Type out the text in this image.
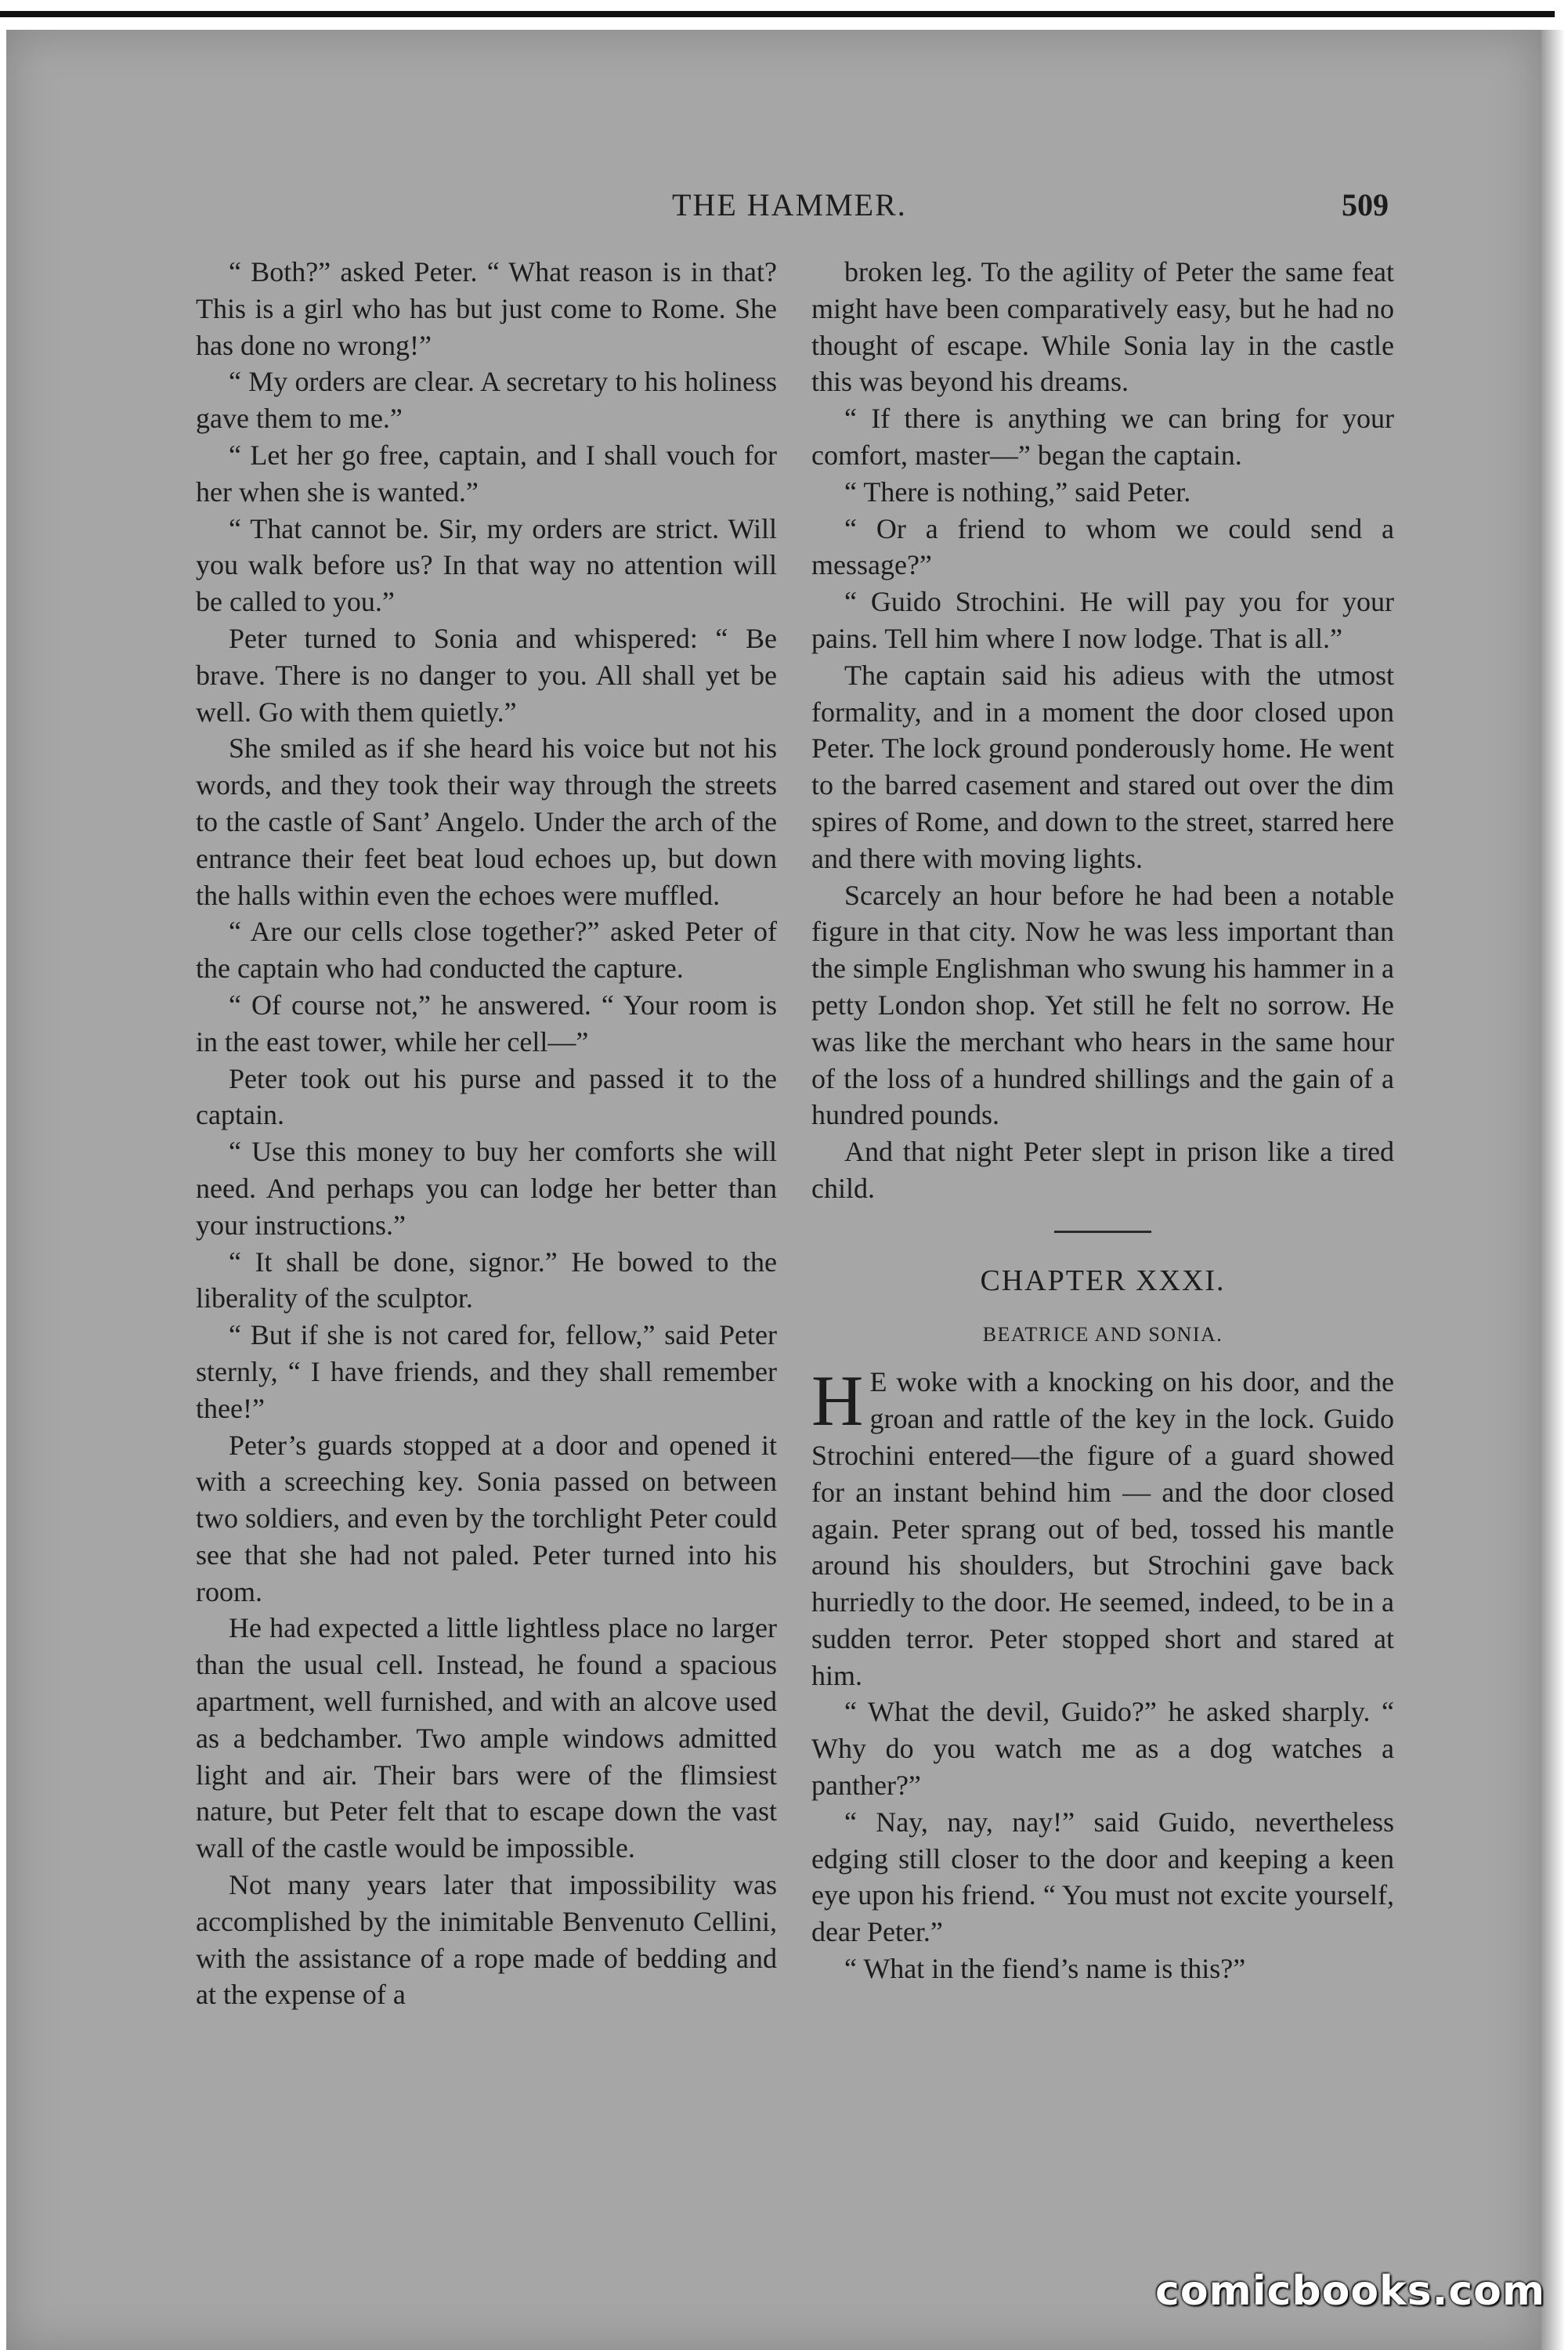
THE HAMMER.	509

“ Both?” asked Peter. “ What reason is in that? This is a girl who has but just come to Rome. She has done no wrong!”

“ My orders are clear. A secretary to his holiness gave them to me.”

“ Let her go free, captain, and I shall vouch for her when she is wanted.”

“ That cannot be. Sir, my orders are strict. Will you walk before us? In that way no attention will be called to you.”

Peter turned to Sonia and whispered: “ Be brave. There is no danger to you. All shall yet be well. Go with them quietly.”

She smiled as if she heard his voice but not his words, and they took their way through the streets to the castle of Sant’ Angelo. Under the arch of the entrance their feet beat loud echoes up, but down the halls within even the echoes were muffled.

“ Are our cells close together?” asked Peter of the captain who had conducted the capture.

“ Of course not,” he answered. “ Your room is in the east tower, while her cell—”

Peter took out his purse and passed it to the captain.

“ Use this money to buy her comforts she will need. And perhaps you can lodge her better than your instructions.”

“ It shall be done, signor.” He bowed to the liberality of the sculptor.

“ But if she is not cared for, fellow,” said Peter sternly, “ I have friends, and they shall remember thee!”

Peter’s guards stopped at a door and opened it with a screeching key. Sonia passed on between two soldiers, and even by the torchlight Peter could see that she had not paled. Peter turned into his room.

He had expected a little lightless place no larger than the usual cell. Instead, he found a spacious apartment, well furnished, and with an alcove used as a bedchamber. Two ample windows admitted light and air. Their bars were of the flimsiest nature, but Peter felt that to escape down the vast wall of the castle would be impossible.

Not many years later that impossibility was accomplished by the inimitable Benvenuto Cellini, with the assistance of a rope made of bedding and at the expense of a

broken leg. To the agility of Peter the same feat might have been comparatively easy, but he had no thought of escape. While Sonia lay in the castle this was beyond his dreams.

“ If there is anything we can bring for your comfort, master—” began the captain.

“ There is nothing,” said Peter.

“ Or a friend to whom we could send a message?”

“ Guido Strochini. He will pay you for your pains. Tell him where I now lodge. That is all.”

The captain said his adieus with the utmost formality, and in a moment the door closed upon Peter. The lock ground ponderously home. He went to the barred casement and stared out over the dim spires of Rome, and down to the street, starred here and there with moving lights.

Scarcely an hour before he had been a notable figure in that city. Now he was less important than the simple Englishman who swung his hammer in a petty London shop. Yet still he felt no sorrow. He was like the merchant who hears in the same hour of the loss of a hundred shillings and the gain of a hundred pounds.

And that night Peter slept in prison like a tired child.

CHAPTER XXXI.

BEATRICE AND SONIA.

H E woke with a knocking on his door, and the groan and rattle of the key in the lock. Guido Strochini entered—the figure of a guard showed for an instant behind him — and the door closed again. Peter sprang out of bed, tossed his mantle around his shoulders, but Strochini gave back hurriedly to the door. He seemed, indeed, to be in a sudden terror. Peter stopped short and stared at him.

“ What the devil, Guido?” he asked sharply. “ Why do you watch me as a dog watches a panther?”

“ Nay, nay, nay!” said Guido, nevertheless edging still closer to the door and keeping a keen eye upon his friend. “ You must not excite yourself, dear Peter.”

“ What in the fiend’s name is this?”

comicbooks.com
